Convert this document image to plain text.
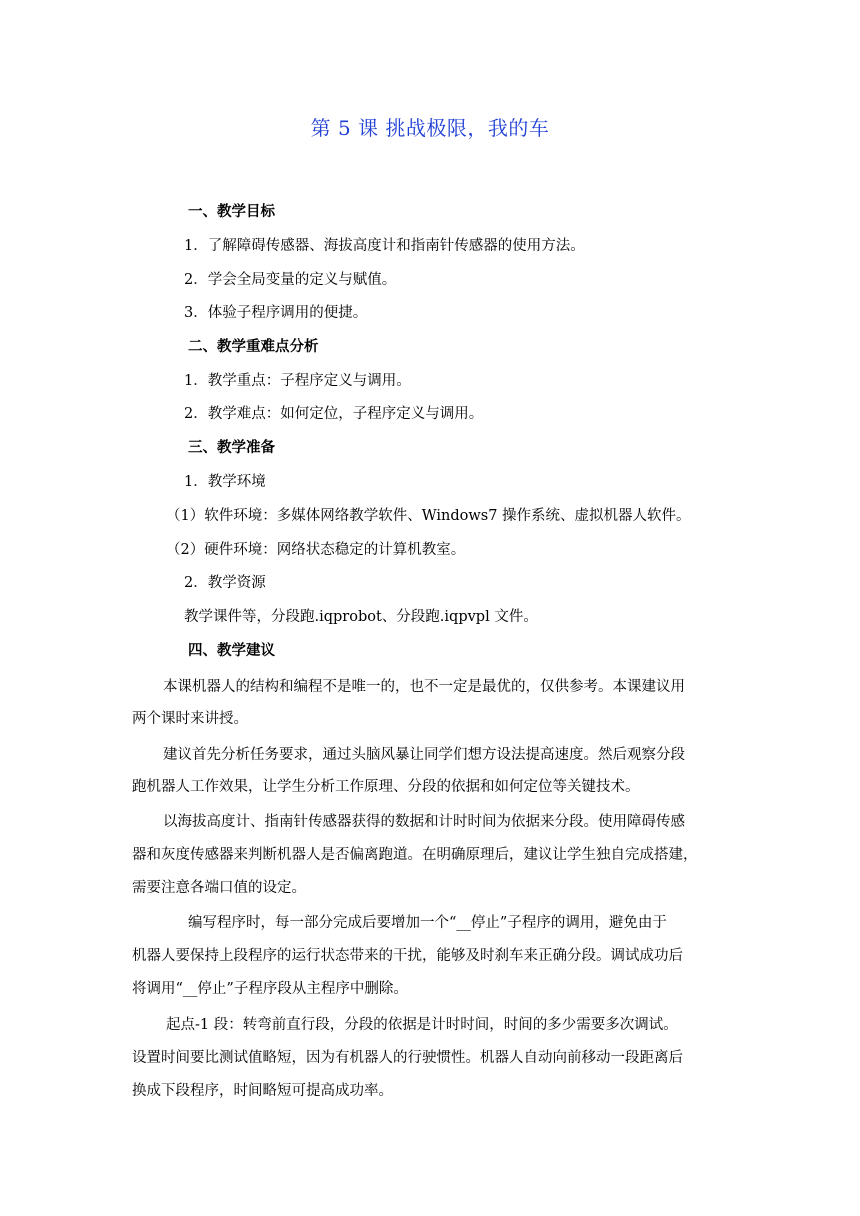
第 5 课 挑战极限，我的车
一、教学目标
1．了解障碍传感器、海拔高度计和指南针传感器的使用方法。
2．学会全局变量的定义与赋值。
3．体验子程序调用的便捷。
二、教学重难点分析
1．教学重点：子程序定义与调用。
2．教学难点：如何定位，子程序定义与调用。
三、教学准备
1．教学环境
（1）软件环境：多媒体网络教学软件、Windows7 操作系统、虚拟机器人软件。
（2）硬件环境：网络状态稳定的计算机教室。
2．教学资源
教学课件等，分段跑.iqprobot、分段跑.iqpvpl 文件。
四、教学建议
本课机器人的结构和编程不是唯一的，也不一定是最优的，仅供参考。本课建议用
两个课时来讲授。
建议首先分析任务要求，通过头脑风暴让同学们想方设法提高速度。然后观察分段
跑机器人工作效果，让学生分析工作原理、分段的依据和如何定位等关键技术。
以海拔高度计、指南针传感器获得的数据和计时时间为依据来分段。使用障碍传感
器和灰度传感器来判断机器人是否偏离跑道。在明确原理后，建议让学生独自完成搭建，
需要注意各端口值的设定。
编写程序时，每一部分完成后要增加一个“__停止”子程序的调用，避免由于
机器人要保持上段程序的运行状态带来的干扰，能够及时刹车来正确分段。调试成功后
将调用“__停止”子程序段从主程序中删除。
起点-1 段：转弯前直行段，分段的依据是计时时间，时间的多少需要多次调试。
设置时间要比测试值略短，因为有机器人的行驶惯性。机器人自动向前移动一段距离后
换成下段程序，时间略短可提高成功率。
